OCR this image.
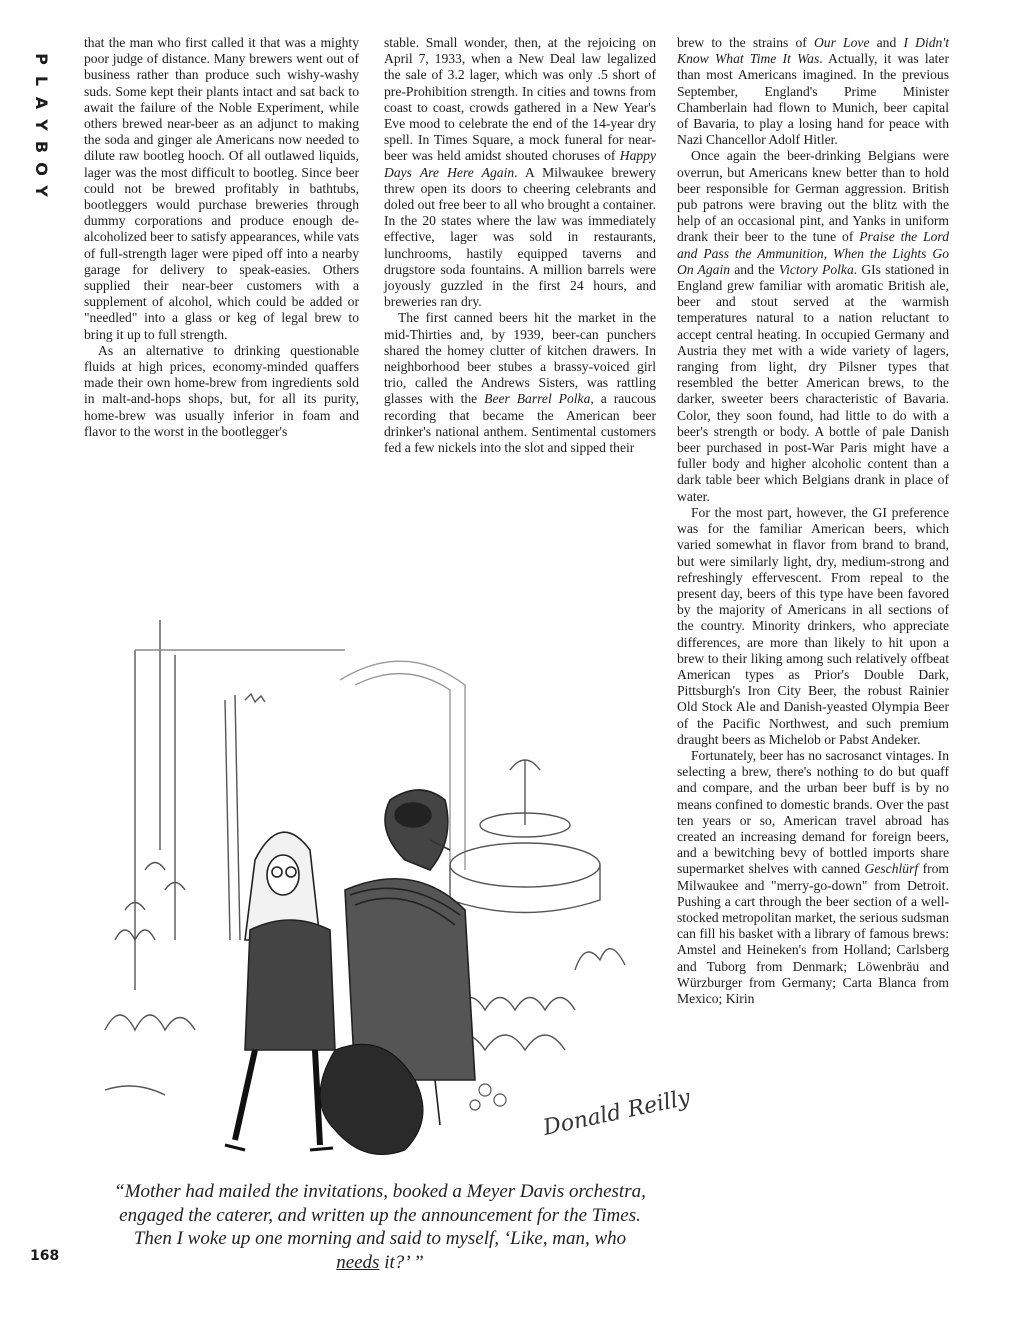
P
L
A
Y
B
O
Y

that the man who first called it that was a mighty poor judge of distance. Many brewers went out of business rather than produce such wishy-washy suds. Some kept their plants intact and sat back to await the failure of the Noble Experiment, while others brewed near-beer as an adjunct to making the soda and ginger ale Americans now needed to dilute raw bootleg hooch. Of all outlawed liquids, lager was the most difficult to bootleg. Since beer could not be brewed profitably in bathtubs, bootleggers would purchase breweries through dummy corporations and produce enough de-alcoholized beer to satisfy appearances, while vats of full-strength lager were piped off into a nearby garage for delivery to speak-easies. Others supplied their near-beer customers with a supplement of alcohol, which could be added or "needled" into a glass or keg of legal brew to bring it up to full strength.

As an alternative to drinking questionable fluids at high prices, economy-minded quaffers made their own home-brew from ingredients sold in malt-and-hops shops, but, for all its purity, home-brew was usually inferior in foam and flavor to the worst in the bootlegger's

stable. Small wonder, then, at the rejoicing on April 7, 1933, when a New Deal law legalized the sale of 3.2 lager, which was only .5 short of pre-Prohibition strength. In cities and towns from coast to coast, crowds gathered in a New Year's Eve mood to celebrate the end of the 14-year dry spell. In Times Square, a mock funeral for near-beer was held amidst shouted choruses of Happy Days Are Here Again. A Milwaukee brewery threw open its doors to cheering celebrants and doled out free beer to all who brought a container. In the 20 states where the law was immediately effective, lager was sold in restaurants, lunchrooms, hastily equipped taverns and drugstore soda fountains. A million barrels were joyously guzzled in the first 24 hours, and breweries ran dry.

The first canned beers hit the market in the mid-Thirties and, by 1939, beer-can punchers shared the homey clutter of kitchen drawers. In neighborhood beer stubes a brassy-voiced girl trio, called the Andrews Sisters, was rattling glasses with the Beer Barrel Polka, a raucous recording that became the American beer drinker's national anthem. Sentimental customers fed a few nickels into the slot and sipped their

brew to the strains of Our Love and I Didn't Know What Time It Was. Actually, it was later than most Americans imagined. In the previous September, England's Prime Minister Chamberlain had flown to Munich, beer capital of Bavaria, to play a losing hand for peace with Nazi Chancellor Adolf Hitler.

Once again the beer-drinking Belgians were overrun, but Americans knew better than to hold beer responsible for German aggression. British pub patrons were braving out the blitz with the help of an occasional pint, and Yanks in uniform drank their beer to the tune of Praise the Lord and Pass the Ammunition, When the Lights Go On Again and the Victory Polka. GIs stationed in England grew familiar with aromatic British ale, beer and stout served at the warmish temperatures natural to a nation reluctant to accept central heating. In occupied Germany and Austria they met with a wide variety of lagers, ranging from light, dry Pilsner types that resembled the better American brews, to the darker, sweeter beers characteristic of Bavaria. Color, they soon found, had little to do with a beer's strength or body. A bottle of pale Danish beer purchased in post-War Paris might have a fuller body and higher alcoholic content than a dark table beer which Belgians drank in place of water.

For the most part, however, the GI preference was for the familiar American beers, which varied somewhat in flavor from brand to brand, but were similarly light, dry, medium-strong and refreshingly effervescent. From repeal to the present day, beers of this type have been favored by the majority of Americans in all sections of the country. Minority drinkers, who appreciate differences, are more than likely to hit upon a brew to their liking among such relatively offbeat American types as Prior's Double Dark, Pittsburgh's Iron City Beer, the robust Rainier Old Stock Ale and Danish-yeasted Olympia Beer of the Pacific Northwest, and such premium draught beers as Michelob or Pabst Andeker.

Fortunately, beer has no sacrosanct vintages. In selecting a brew, there's nothing to do but quaff and compare, and the urban beer buff is by no means confined to domestic brands. Over the past ten years or so, American travel abroad has created an increasing demand for foreign beers, and a bewitching bevy of bottled imports share supermarket shelves with canned Geschlürf from Milwaukee and "merry-go-down" from Detroit. Pushing a cart through the beer section of a well-stocked metropolitan market, the serious sudsman can fill his basket with a library of famous brews: Amstel and Heineken's from Holland; Carlsberg and Tuborg from Denmark; Löwenbräu and Würzburger from Germany; Carta Blanca from Mexico; Kirin

Donald Reilly
“Mother had mailed the invitations, booked a Meyer Davis orchestra, engaged the caterer, and written up the announcement for the Times. Then I woke up one morning and said to myself, ‘Like, man, who needs it?’ ”
168
